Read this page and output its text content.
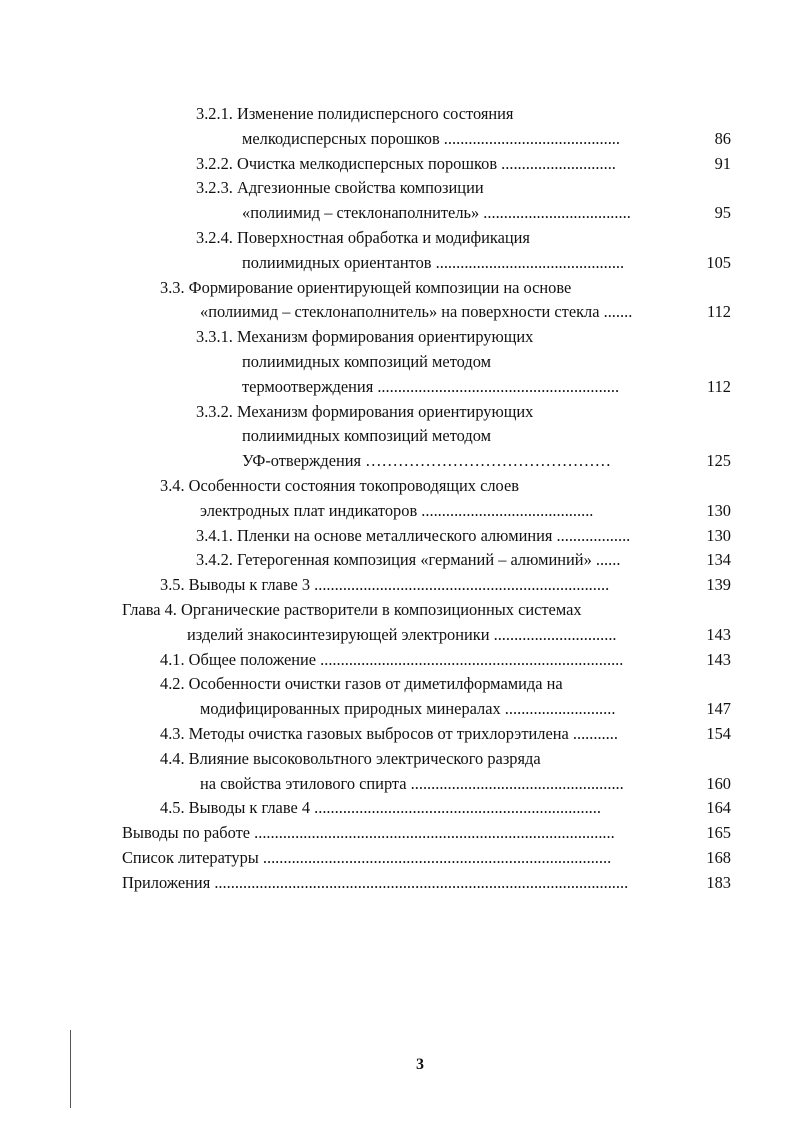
3.2.1. Изменение полидисперсного состояния
мелкодисперсных порошков ...........................................	86
3.2.2. Очистка мелкодисперсных порошков ............................	91
3.2.3. Адгезионные свойства композиции
«полиимид – стеклонаполнитель» ....................................	95
3.2.4. Поверхностная обработка и модификация
полиимидных ориентантов ..............................................	105
3.3. Формирование ориентирующей композиции на основе
«полиимид – стеклонаполнитель» на поверхности стекла .......	112
3.3.1. Механизм формирования ориентирующих
полиимидных композиций методом
термоотверждения ...........................................................	112
3.3.2. Механизм формирования ориентирующих
полиимидных композиций методом
УФ-отверждения ………………………………………	125
3.4. Особенности состояния токопроводящих слоев
электродных плат индикаторов ..........................................	130
3.4.1. Пленки на основе металлического алюминия ..................	130
3.4.2. Гетерогенная композиция «германий – алюминий» ......	134
3.5. Выводы к главе 3 ........................................................................	139
Глава 4. Органические растворители в композиционных системах
изделий знакосинтезирующей электроники ..............................	143
4.1. Общее положение ..........................................................................	143
4.2. Особенности очистки газов от диметилформамида на
модифицированных природных минералах ...........................	147
4.3. Методы очистка газовых выбросов от трихлорэтилена ...........	154
4.4. Влияние высоковольтного электрического разряда
на свойства этилового спирта ....................................................	160
4.5. Выводы к главе 4 ......................................................................	164
Выводы по работе ........................................................................................	165
Список литературы .....................................................................................	168
Приложения .....................................................................................................	183
3
